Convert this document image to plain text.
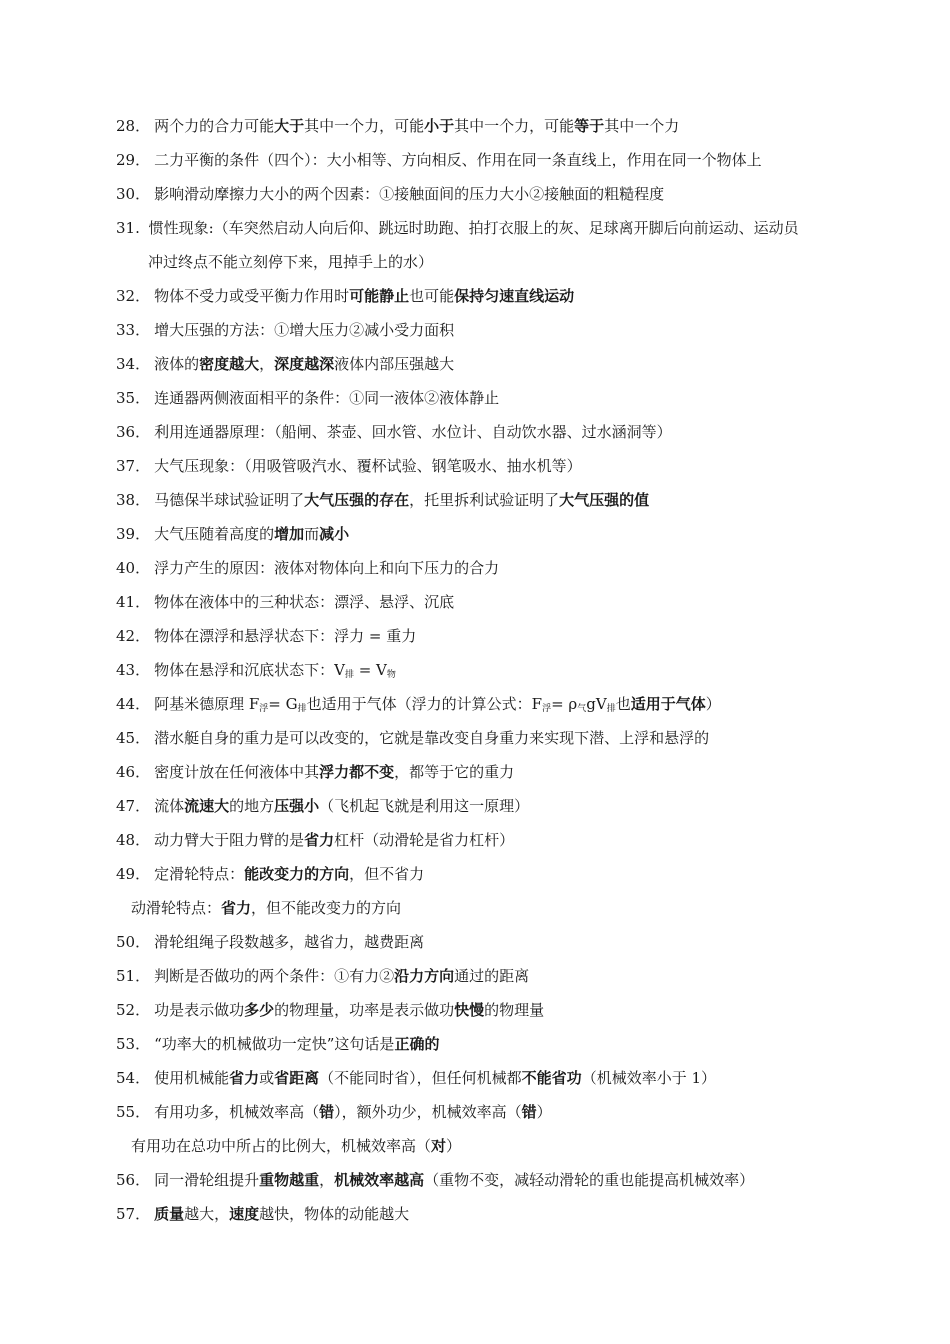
28． 两个力的合力可能大于其中一个力，可能小于其中一个力，可能等于其中一个力
29． 二力平衡的条件（四个）：大小相等、方向相反、作用在同一条直线上，作用在同一个物体上
30． 影响滑动摩擦力大小的两个因素：①接触面间的压力大小②接触面的粗糙程度
31. 惯性现象:（车突然启动人向后仰、跳远时助跑、拍打衣服上的灰、足球离开脚后向前运动、运动员
冲过终点不能立刻停下来，甩掉手上的水）
32． 物体不受力或受平衡力作用时可能静止也可能保持匀速直线运动
33． 增大压强的方法：①增大压力②减小受力面积
34． 液体的密度越大，深度越深液体内部压强越大
35． 连通器两侧液面相平的条件：①同一液体②液体静止
36． 利用连通器原理：（船闸、茶壶、回水管、水位计、自动饮水器、过水涵洞等）
37． 大气压现象：（用吸管吸汽水、覆杯试验、钢笔吸水、抽水机等）
38． 马德保半球试验证明了大气压强的存在，托里拆利试验证明了大气压强的值
39． 大气压随着高度的增加而减小
40． 浮力产生的原因：液体对物体向上和向下压力的合力
41． 物体在液体中的三种状态：漂浮、悬浮、沉底
42． 物体在漂浮和悬浮状态下：浮力 = 重力
43． 物体在悬浮和沉底状态下：$V_排 = V_物$
44． 阿基米德原理 $F_浮= G_排$也适用于气体（浮力的计算公式：$F_浮= \rho_气gV_排$也适用于气体）
45． 潜水艇自身的重力是可以改变的，它就是靠改变自身重力来实现下潜、上浮和悬浮的
46． 密度计放在任何液体中其浮力都不变，都等于它的重力
47． 流体流速大的地方压强小（飞机起飞就是利用这一原理）
48． 动力臂大于阻力臂的是省力杠杆（动滑轮是省力杠杆）
49． 定滑轮特点：能改变力的方向，但不省力
动滑轮特点：省力，但不能改变力的方向
50． 滑轮组绳子段数越多，越省力，越费距离
51． 判断是否做功的两个条件：①有力②沿力方向通过的距离
52． 功是表示做功多少的物理量，功率是表示做功快慢的物理量
53． “功率大的机械做功一定快”这句话是正确的
54． 使用机械能省力或省距离（不能同时省），但任何机械都不能省功（机械效率小于 1）
55． 有用功多，机械效率高（错），额外功少，机械效率高（错）
有用功在总功中所占的比例大，机械效率高（对）
56． 同一滑轮组提升重物越重，机械效率越高（重物不变，减轻动滑轮的重也能提高机械效率）
57． 质量越大，速度越快，物体的动能越大
